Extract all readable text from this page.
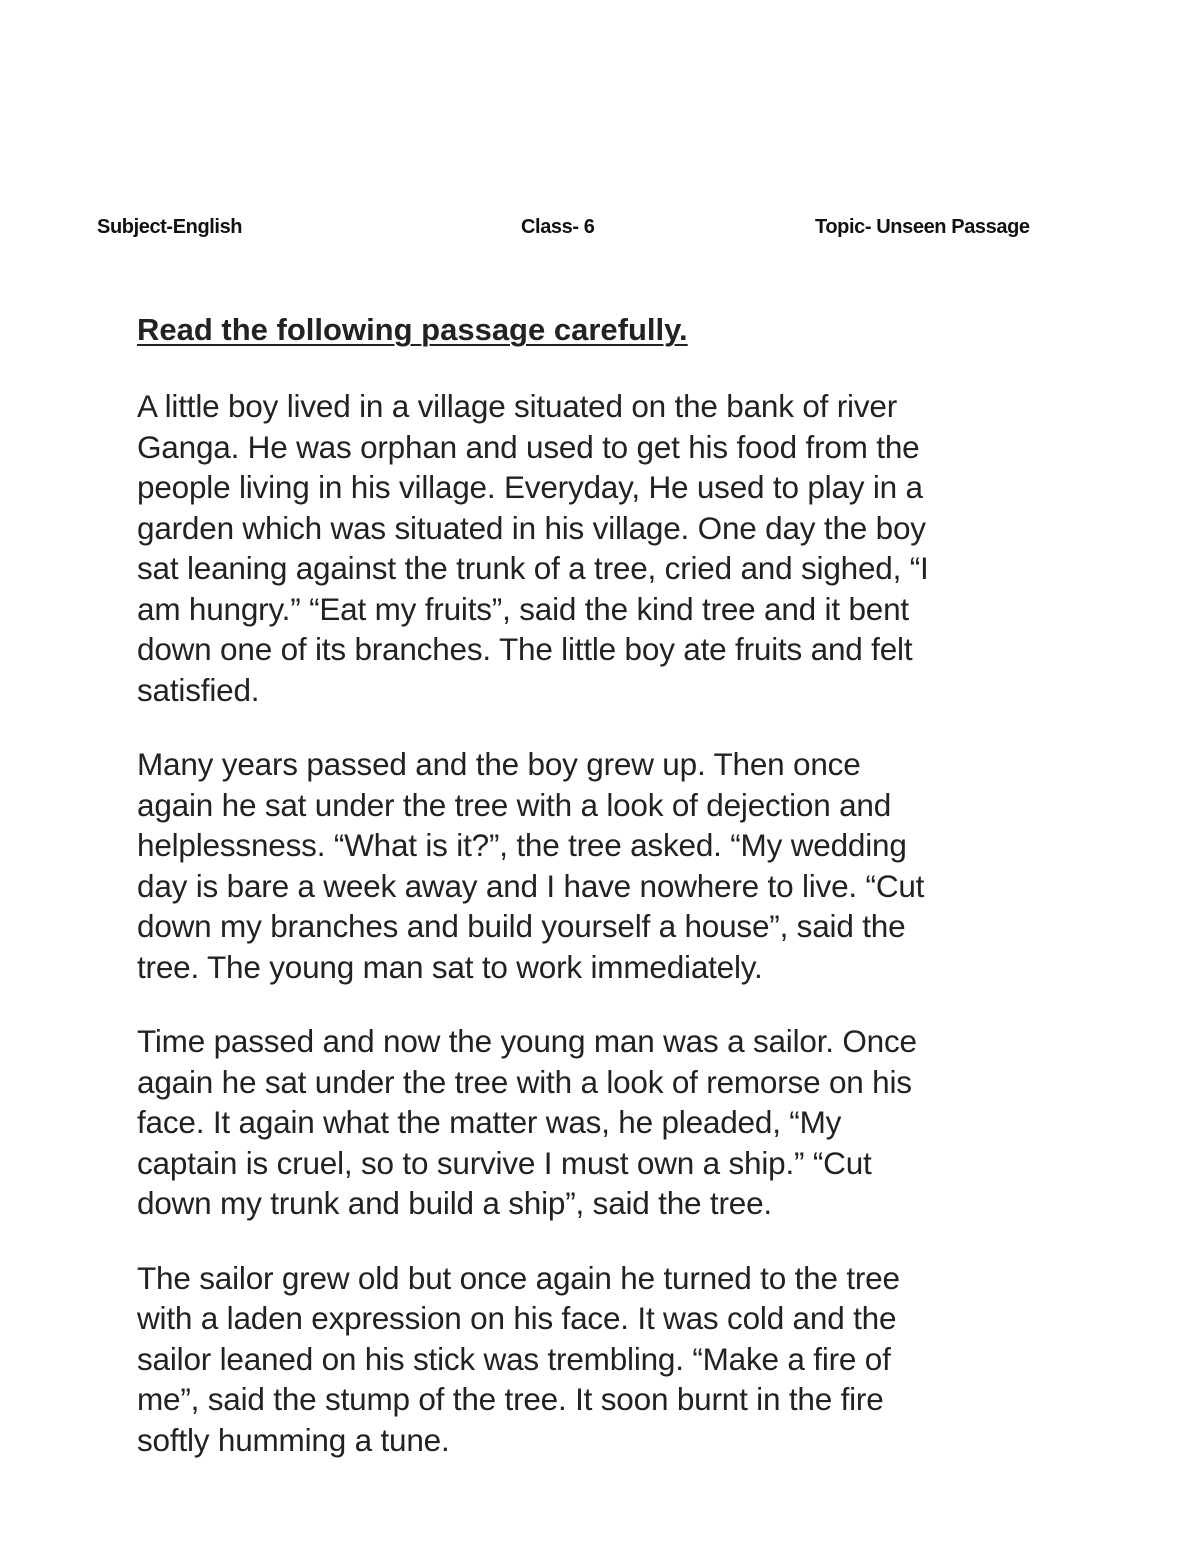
Subject-English	Class- 6	Topic- Unseen Passage

Read the following passage carefully.

A little boy lived in a village situated on the bank of river
Ganga. He was orphan and used to get his food from the
people living in his village. Everyday, He used to play in a
garden which was situated in his village. One day the boy
sat leaning against the trunk of a tree, cried and sighed, “I
am hungry.” “Eat my fruits”, said the kind tree and it bent
down one of its branches. The little boy ate fruits and felt
satisfied.

Many years passed and the boy grew up. Then once
again he sat under the tree with a look of dejection and
helplessness. “What is it?”, the tree asked. “My wedding
day is bare a week away and I have nowhere to live. “Cut
down my branches and build yourself a house”, said the
tree. The young man sat to work immediately.

Time passed and now the young man was a sailor. Once
again he sat under the tree with a look of remorse on his
face. It again what the matter was, he pleaded, “My
captain is cruel, so to survive I must own a ship.” “Cut
down my trunk and build a ship”, said the tree.

The sailor grew old but once again he turned to the tree
with a laden expression on his face. It was cold and the
sailor leaned on his stick was trembling. “Make a fire of
me”, said the stump of the tree. It soon burnt in the fire
softly humming a tune.
